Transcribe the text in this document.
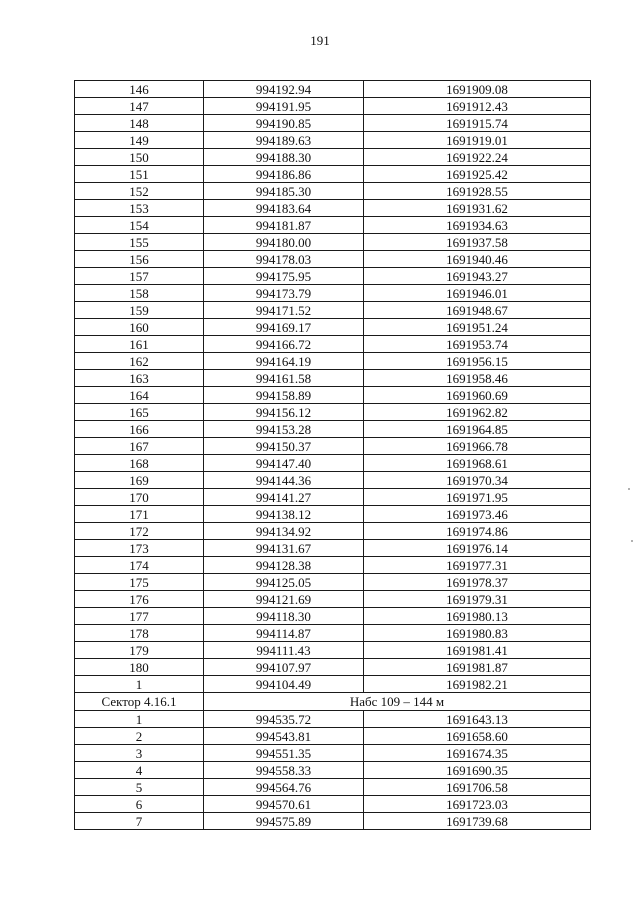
191
146	994192.94	1691909.08
147	994191.95	1691912.43
148	994190.85	1691915.74
149	994189.63	1691919.01
150	994188.30	1691922.24
151	994186.86	1691925.42
152	994185.30	1691928.55
153	994183.64	1691931.62
154	994181.87	1691934.63
155	994180.00	1691937.58
156	994178.03	1691940.46
157	994175.95	1691943.27
158	994173.79	1691946.01
159	994171.52	1691948.67
160	994169.17	1691951.24
161	994166.72	1691953.74
162	994164.19	1691956.15
163	994161.58	1691958.46
164	994158.89	1691960.69
165	994156.12	1691962.82
166	994153.28	1691964.85
167	994150.37	1691966.78
168	994147.40	1691968.61
169	994144.36	1691970.34
170	994141.27	1691971.95
171	994138.12	1691973.46
172	994134.92	1691974.86
173	994131.67	1691976.14
174	994128.38	1691977.31
175	994125.05	1691978.37
176	994121.69	1691979.31
177	994118.30	1691980.13
178	994114.87	1691980.83
179	994111.43	1691981.41
180	994107.97	1691981.87
1	994104.49	1691982.21
Сектор 4.16.1	Набс 109 – 144 м	
1	994535.72	1691643.13
2	994543.81	1691658.60
3	994551.35	1691674.35
4	994558.33	1691690.35
5	994564.76	1691706.58
6	994570.61	1691723.03
7	994575.89	1691739.68
